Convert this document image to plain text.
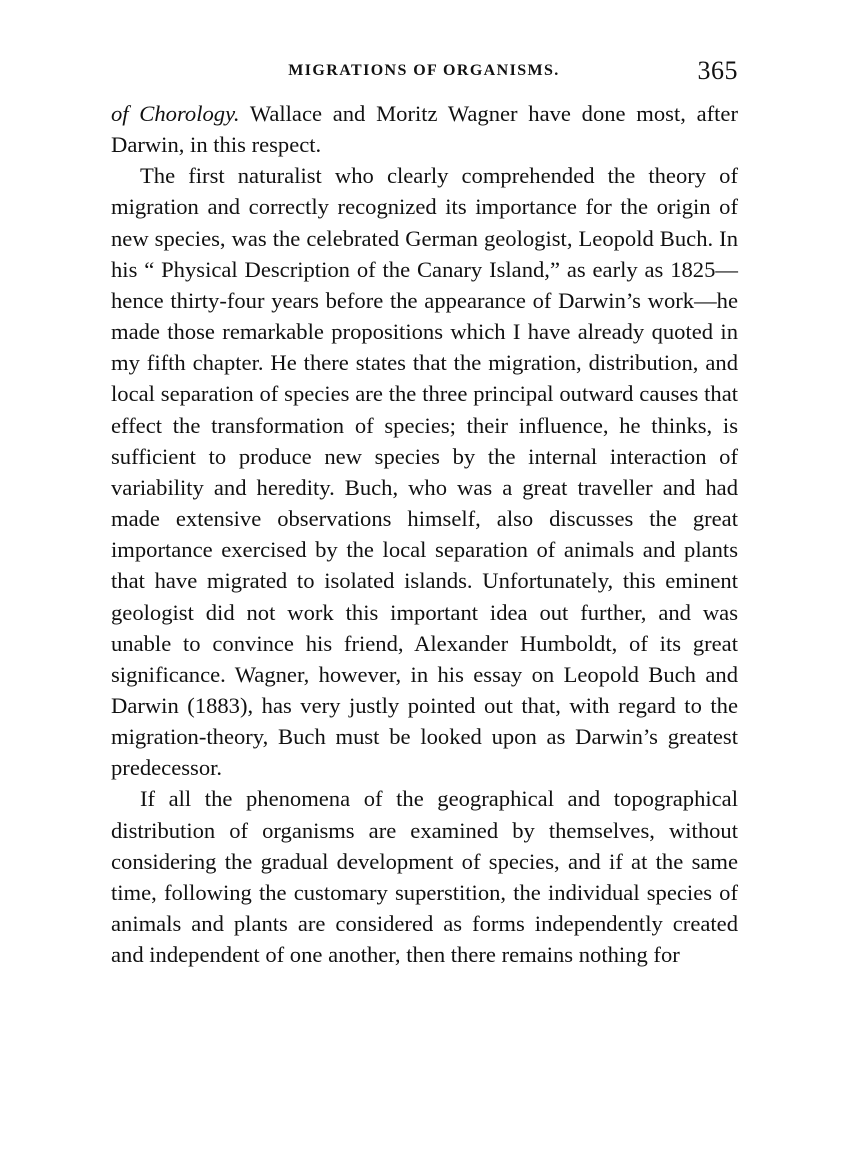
MIGRATIONS OF ORGANISMS.	365

of Chorology. Wallace and Moritz Wagner have done most, after Darwin, in this respect.

The first naturalist who clearly comprehended the theory of migration and correctly recognized its importance for the origin of new species, was the celebrated German geologist, Leopold Buch. In his “ Physical Description of the Canary Island,” as early as 1825—hence thirty-four years before the appearance of Darwin’s work—he made those remarkable propositions which I have already quoted in my fifth chapter. He there states that the migration, distribution, and local separation of species are the three principal outward causes that effect the transformation of species; their influence, he thinks, is sufficient to produce new species by the internal interaction of variability and heredity. Buch, who was a great traveller and had made extensive observations himself, also discusses the great importance exercised by the local separation of animals and plants that have migrated to isolated islands. Unfortunately, this eminent geologist did not work this important idea out further, and was unable to convince his friend, Alexander Humboldt, of its great significance. Wagner, however, in his essay on Leopold Buch and Darwin (1883), has very justly pointed out that, with regard to the migration-theory, Buch must be looked upon as Darwin’s greatest predecessor.

If all the phenomena of the geographical and topographical distribution of organisms are examined by themselves, without considering the gradual development of species, and if at the same time, following the customary superstition, the individual species of animals and plants are considered as forms independently created and independent of one another, then there remains nothing for
